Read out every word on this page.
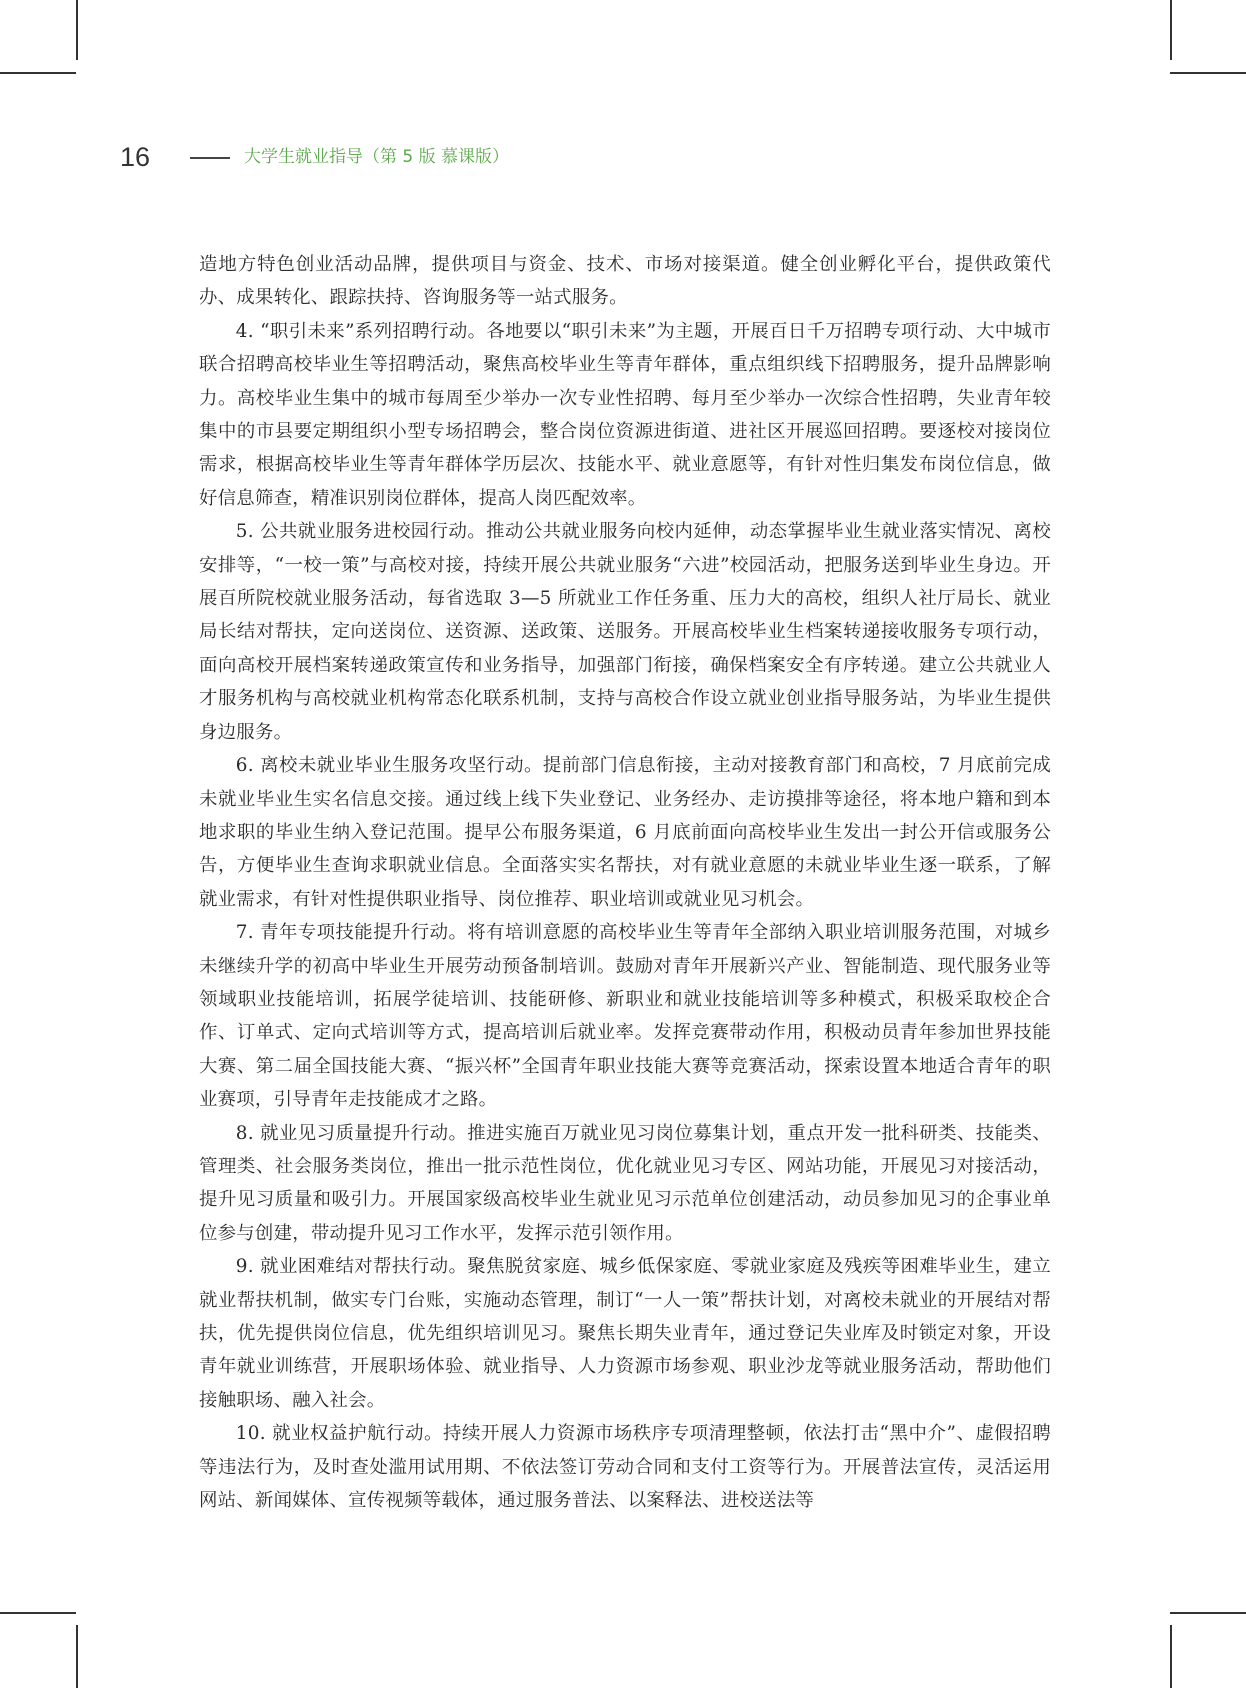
16	大学生就业指导（第 5 版 慕课版）

造地方特色创业活动品牌，提供项目与资金、技术、市场对接渠道。健全创业孵化平台，提供政策代办、成果转化、跟踪扶持、咨询服务等一站式服务。

4. “职引未来”系列招聘行动。各地要以“职引未来”为主题，开展百日千万招聘专项行动、大中城市联合招聘高校毕业生等招聘活动，聚焦高校毕业生等青年群体，重点组织线下招聘服务，提升品牌影响力。高校毕业生集中的城市每周至少举办一次专业性招聘、每月至少举办一次综合性招聘，失业青年较集中的市县要定期组织小型专场招聘会，整合岗位资源进街道、进社区开展巡回招聘。要逐校对接岗位需求，根据高校毕业生等青年群体学历层次、技能水平、就业意愿等，有针对性归集发布岗位信息，做好信息筛查，精准识别岗位群体，提高人岗匹配效率。

5. 公共就业服务进校园行动。推动公共就业服务向校内延伸，动态掌握毕业生就业落实情况、离校安排等，“一校一策”与高校对接，持续开展公共就业服务“六进”校园活动，把服务送到毕业生身边。开展百所院校就业服务活动，每省选取 3—5 所就业工作任务重、压力大的高校，组织人社厅局长、就业局长结对帮扶，定向送岗位、送资源、送政策、送服务。开展高校毕业生档案转递接收服务专项行动，面向高校开展档案转递政策宣传和业务指导，加强部门衔接，确保档案安全有序转递。建立公共就业人才服务机构与高校就业机构常态化联系机制，支持与高校合作设立就业创业指导服务站，为毕业生提供身边服务。

6. 离校未就业毕业生服务攻坚行动。提前部门信息衔接，主动对接教育部门和高校，7 月底前完成未就业毕业生实名信息交接。通过线上线下失业登记、业务经办、走访摸排等途径，将本地户籍和到本地求职的毕业生纳入登记范围。提早公布服务渠道，6 月底前面向高校毕业生发出一封公开信或服务公告，方便毕业生查询求职就业信息。全面落实实名帮扶，对有就业意愿的未就业毕业生逐一联系，了解就业需求，有针对性提供职业指导、岗位推荐、职业培训或就业见习机会。

7. 青年专项技能提升行动。将有培训意愿的高校毕业生等青年全部纳入职业培训服务范围，对城乡未继续升学的初高中毕业生开展劳动预备制培训。鼓励对青年开展新兴产业、智能制造、现代服务业等领域职业技能培训，拓展学徒培训、技能研修、新职业和就业技能培训等多种模式，积极采取校企合作、订单式、定向式培训等方式，提高培训后就业率。发挥竞赛带动作用，积极动员青年参加世界技能大赛、第二届全国技能大赛、“振兴杯”全国青年职业技能大赛等竞赛活动，探索设置本地适合青年的职业赛项，引导青年走技能成才之路。

8. 就业见习质量提升行动。推进实施百万就业见习岗位募集计划，重点开发一批科研类、技能类、管理类、社会服务类岗位，推出一批示范性岗位，优化就业见习专区、网站功能，开展见习对接活动，提升见习质量和吸引力。开展国家级高校毕业生就业见习示范单位创建活动，动员参加见习的企事业单位参与创建，带动提升见习工作水平，发挥示范引领作用。

9. 就业困难结对帮扶行动。聚焦脱贫家庭、城乡低保家庭、零就业家庭及残疾等困难毕业生，建立就业帮扶机制，做实专门台账，实施动态管理，制订“一人一策”帮扶计划，对离校未就业的开展结对帮扶，优先提供岗位信息，优先组织培训见习。聚焦长期失业青年，通过登记失业库及时锁定对象，开设青年就业训练营，开展职场体验、就业指导、人力资源市场参观、职业沙龙等就业服务活动，帮助他们接触职场、融入社会。

10. 就业权益护航行动。持续开展人力资源市场秩序专项清理整顿，依法打击“黑中介”、虚假招聘等违法行为，及时查处滥用试用期、不依法签订劳动合同和支付工资等行为。开展普法宣传，灵活运用网站、新闻媒体、宣传视频等载体，通过服务普法、以案释法、进校送法等
